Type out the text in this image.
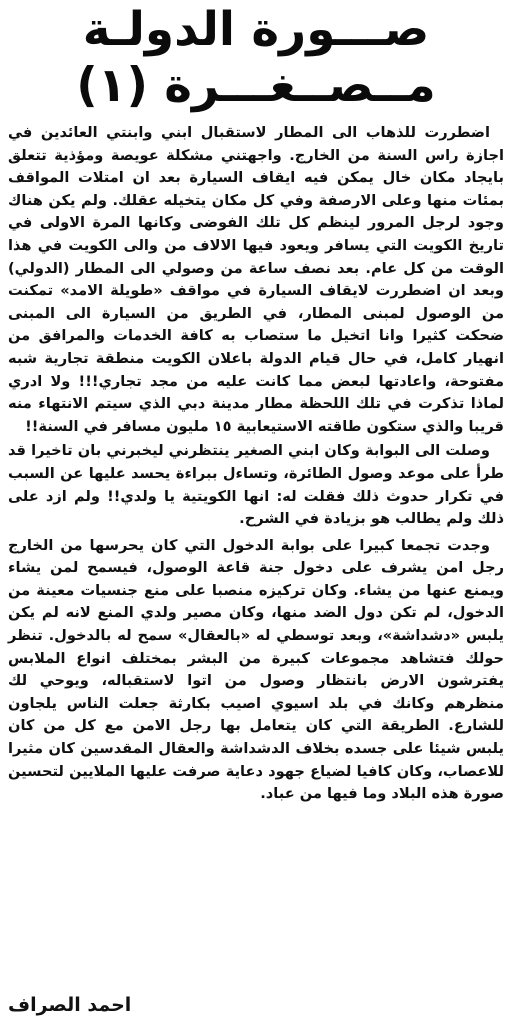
صـــورة الدولـة
مــصــغـــرة (١)

اضطررت للذهاب الى المطار لاستقبال ابني وابنتي العائدين في اجازة راس السنة من الخارج. واجهتني مشكلة عويصة ومؤذية تتعلق بايجاد مكان خال يمكن فيه ايقاف السيارة بعد ان امتلات المواقف بمئات منها وعلى الارصفة وفي كل مكان يتخيله عقلك. ولم يكن هناك وجود لرجل المرور لينظم كل تلك الفوضى وكانها المرة الاولى في تاريخ الكويت التي يسافر ويعود فيها الالاف من والى الكويت في هذا الوقت من كل عام. بعد نصف ساعة من وصولي الى المطار (الدولي) وبعد ان اضطررت لايقاف السيارة في مواقف «طويلة الامد» تمكنت من الوصول لمبنى المطار، في الطريق من السيارة الى المبنى ضحكت كثيرا وانا اتخيل ما ستصاب به كافة الخدمات والمرافق من انهيار كامل، في حال قيام الدولة باعلان الكويت منطقة تجارية شبه مفتوحة، واعادتها لبعض مما كانت عليه من مجد تجاري!!! ولا ادري لماذا تذكرت في تلك اللحظة مطار مدينة دبي الذي سيتم الانتهاء منه قريبا والذي ستكون طاقته الاستيعابية ١٥ مليون مسافر في السنة!!

وصلت الى البوابة وكان ابني الصغير ينتظرني ليخبرني بان تاخيرا قد طرأ على موعد وصول الطائرة، وتساءل ببراءة يحسد عليها عن السبب في تكرار حدوث ذلك فقلت له: انها الكويتية يا ولدي!! ولم ازد على ذلك ولم يطالب هو بزيادة في الشرح.

وجدت تجمعا كبيرا على بوابة الدخول التي كان يحرسها من الخارج رجل امن يشرف على دخول جنة قاعة الوصول، فيسمح لمن يشاء ويمنع عنها من يشاء. وكان تركيزه منصبا على منع جنسيات معينة من الدخول، لم تكن دول الضد منها، وكان مصير ولدي المنع لانه لم يكن يلبس «دشداشة»، وبعد توسطي له «بالعقال» سمح له بالدخول. تنظر حولك فتشاهد مجموعات كبيرة من البشر بمختلف انواع الملابس يفترشون الارض بانتظار وصول من اتوا لاستقباله، ويوحي لك منظرهم وكانك في بلد اسيوي اصيب بكارثة جعلت الناس يلجاون للشارع. الطريقة التي كان يتعامل بها رجل الامن مع كل من كان يلبس شيئا على جسده بخلاف الدشداشة والعقال المقدسين كان مثيرا للاعصاب، وكان كافيا لضياع جهود دعاية صرفت عليها الملايين لتحسين صورة هذه البلاد وما فيها من عباد.

احمد الصراف
